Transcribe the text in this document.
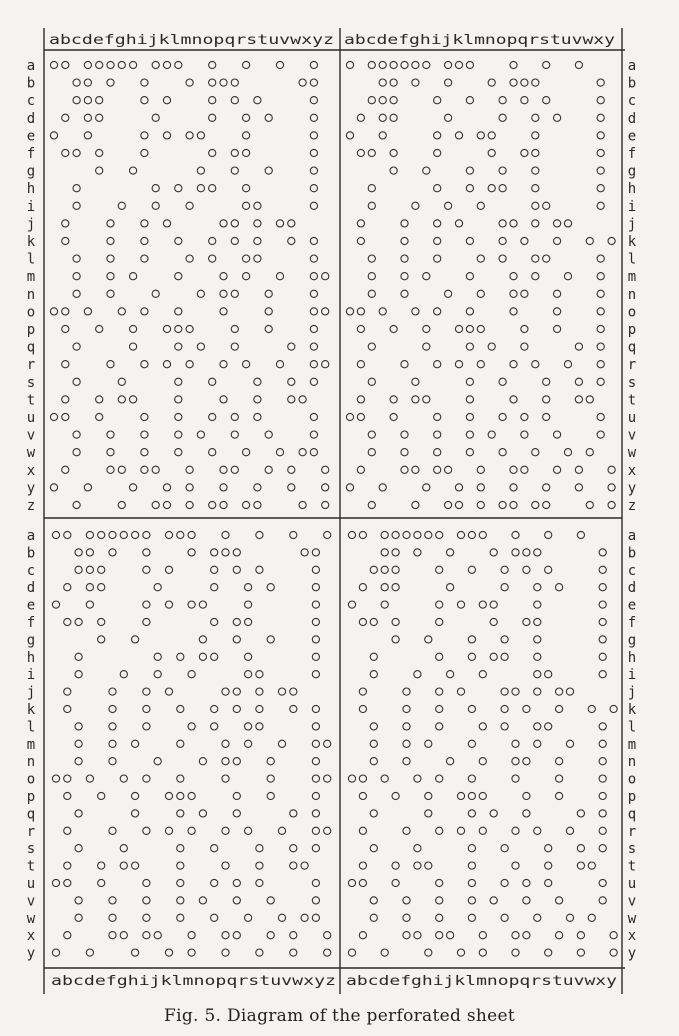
abcdefghijklmnopqrstuvwxyz abcdefghijklmnopqrstuvwxy
abcdefghijklmnopqrstuvwxyz abcdefghijklmnopqrstuvwxy
a
b
c
d
e
f
g
h
i
j
k
l
m
n
o
p
q
r
s
t
u
v
w
x
y
z
a
b
c
d
e
f
g
h
i
j
k
l
m
n
o
p
q
r
s
t
u
v
w
x
y
z
a
b
c
d
e
f
g
h
i
j
k
l
m
n
o
p
q
r
s
t
u
v
w
x
y
a
b
c
d
e
f
g
h
i
j
k
l
m
n
o
p
q
r
s
t
u
v
w
x
y
Fig. 5. Diagram of the perforated sheet
